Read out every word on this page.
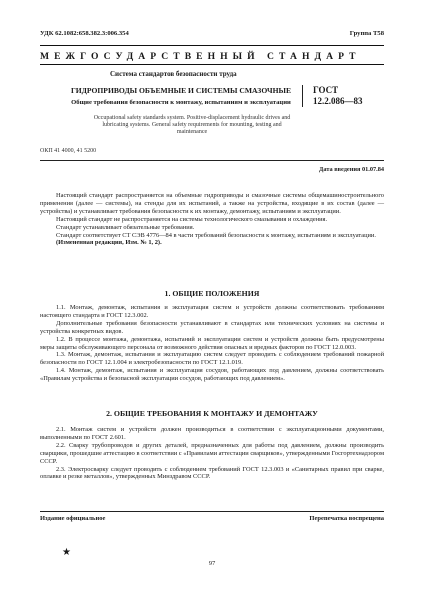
УДК 62.1082:658.382.3:006.354	Группа Т58
МЕЖГОСУДАРСТВЕННЫЙ СТАНДАРТ
Система стандартов безопасности труда
ГИДРОПРИВОДЫ ОБЪЕМНЫЕ И СИСТЕМЫ СМАЗОЧНЫЕ
Общие требования безопасности к монтажу, испытаниям и эксплуатации
ГОСТ
12.2.086—83
Occupational safety standards system. Positive-displacement hydraulic drives and lubricating systems. General safety requirements for mounting, testing and maintenance
ОКП 41 4000, 41 5200
Дата введения 01.07.84

Настоящий стандарт распространяется на объемные гидроприводы и смазочные системы общемашиностроительного применения (далее — системы), на стенды для их испытаний, а также на устройства, входящие в их состав (далее — устройства) и устанавливает требования безопасности к их монтажу, демонтажу, испытаниям и эксплуатации.

Настоящий стандарт не распространяется на системы технологического смазывания и охлаждения.

Стандарт устанавливает обязательные требования.

Стандарт соответствует СТ СЭВ 4776—84 в части требований безопасности к монтажу, испытаниям и эксплуатации.

(Измененная редакция, Изм. № 1, 2).

1. ОБЩИЕ ПОЛОЖЕНИЯ

1.1. Монтаж, демонтаж, испытания и эксплуатация систем и устройств должны соответствовать требованиям настоящего стандарта и ГОСТ 12.3.002.

Дополнительные требования безопасности устанавливают в стандартах или технических условиях на системы и устройства конкретных видов.

1.2. В процессе монтажа, демонтажа, испытаний и эксплуатации систем и устройств должны быть предусмотрены меры защиты обслуживающего персонала от возможного действия опасных и вредных факторов по ГОСТ 12.0.003.

1.3. Монтаж, демонтаж, испытания и эксплуатацию систем следует проводить с соблюдением требований пожарной безопасности по ГОСТ 12.1.004 и электробезопасности по ГОСТ 12.1.019.

1.4. Монтаж, демонтаж, испытания и эксплуатация сосудов, работающих под давлением, должны соответствовать «Правилам устройства и безопасной эксплуатации сосудов, работающих под давлением».

2. ОБЩИЕ ТРЕБОВАНИЯ К МОНТАЖУ И ДЕМОНТАЖУ

2.1. Монтаж систем и устройств должен производиться в соответствии с эксплуатационными документами, выполненными по ГОСТ 2.601.

2.2. Сварку трубопроводов и других деталей, предназначенных для работы под давлением, должны производить сварщики, прошедшие аттестацию в соответствии с «Правилами аттестации сварщиков», утвержденными Госгортехнадзором СССР.

2.3. Электросварку следует проводить с соблюдением требований ГОСТ 12.3.003 и «Санитарных правил при сварке, оплавке и резке металлов», утвержденных Минздравом СССР.

Издание официальное	Перепечатка воспрещена
★
97
